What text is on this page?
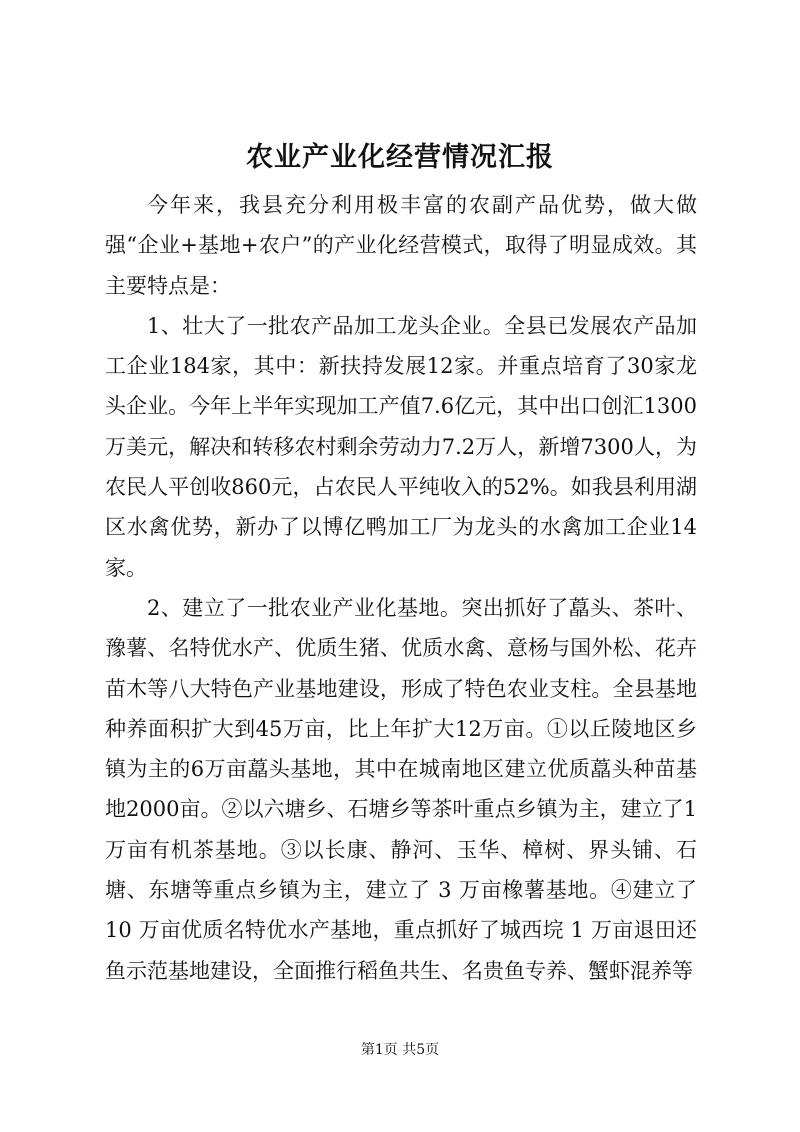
农业产业化经营情况汇报

今年来，我县充分利用极丰富的农副产品优势，做大做强“企业+基地+农户”的产业化经营模式，取得了明显成效。其主要特点是：

1、壮大了一批农产品加工龙头企业。全县已发展农产品加工企业184家，其中：新扶持发展12家。并重点培育了30家龙头企业。今年上半年实现加工产值7.6亿元，其中出口创汇1300万美元，解决和转移农村剩余劳动力7.2万人，新增7300人，为农民人平创收860元，占农民人平纯收入的52%。如我县利用湖区水禽优势，新办了以博亿鸭加工厂为龙头的水禽加工企业14家。

2、建立了一批农业产业化基地。突出抓好了藠头、茶叶、豫薯、名特优水产、优质生猪、优质水禽、意杨与国外松、花卉苗木等八大特色产业基地建设，形成了特色农业支柱。全县基地种养面积扩大到45万亩，比上年扩大12万亩。①以丘陵地区乡镇为主的6万亩藠头基地，其中在城南地区建立优质藠头种苗基地2000亩。②以六塘乡、石塘乡等茶叶重点乡镇为主，建立了1万亩有机茶基地。③以长康、静河、玉华、樟树、界头铺、石塘、东塘等重点乡镇为主，建立了 3 万亩橡薯基地。④建立了10 万亩优质名特优水产基地，重点抓好了城西垸 1 万亩退田还鱼示范基地建设，全面推行稻鱼共生、名贵鱼专养、蟹虾混养等

第1页 共5页
